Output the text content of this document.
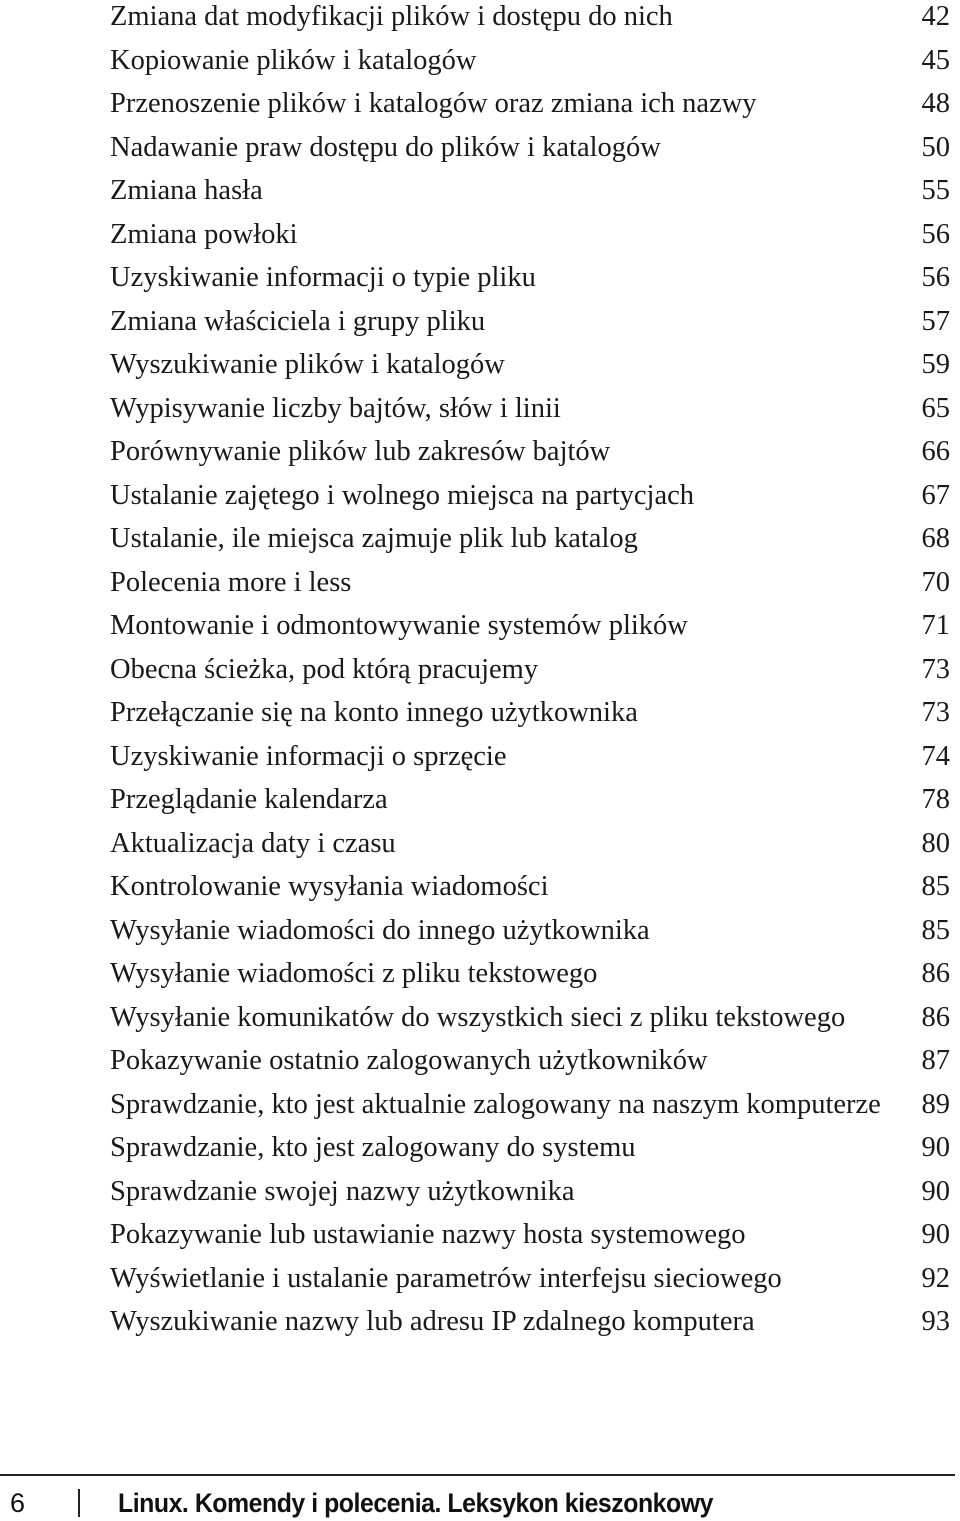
Zmiana dat modyfikacji plików i dostępu do nich	42
Kopiowanie plików i katalogów	45
Przenoszenie plików i katalogów oraz zmiana ich nazwy	48
Nadawanie praw dostępu do plików i katalogów	50
Zmiana hasła	55
Zmiana powłoki	56
Uzyskiwanie informacji o typie pliku	56
Zmiana właściciela i grupy pliku	57
Wyszukiwanie plików i katalogów	59
Wypisywanie liczby bajtów, słów i linii	65
Porównywanie plików lub zakresów bajtów	66
Ustalanie zajętego i wolnego miejsca na partycjach	67
Ustalanie, ile miejsca zajmuje plik lub katalog	68
Polecenia more i less	70
Montowanie i odmontowywanie systemów plików	71
Obecna ścieżka, pod którą pracujemy	73
Przełączanie się na konto innego użytkownika	73
Uzyskiwanie informacji o sprzęcie	74
Przeglądanie kalendarza	78
Aktualizacja daty i czasu	80
Kontrolowanie wysyłania wiadomości	85
Wysyłanie wiadomości do innego użytkownika	85
Wysyłanie wiadomości z pliku tekstowego	86
Wysyłanie komunikatów do wszystkich sieci z pliku tekstowego	86
Pokazywanie ostatnio zalogowanych użytkowników	87
Sprawdzanie, kto jest aktualnie zalogowany na naszym komputerze	89
Sprawdzanie, kto jest zalogowany do systemu	90
Sprawdzanie swojej nazwy użytkownika	90
Pokazywanie lub ustawianie nazwy hosta systemowego	90
Wyświetlanie i ustalanie parametrów interfejsu sieciowego	92
Wyszukiwanie nazwy lub adresu IP zdalnego komputera	93
6	Linux. Komendy i polecenia. Leksykon kieszonkowy
